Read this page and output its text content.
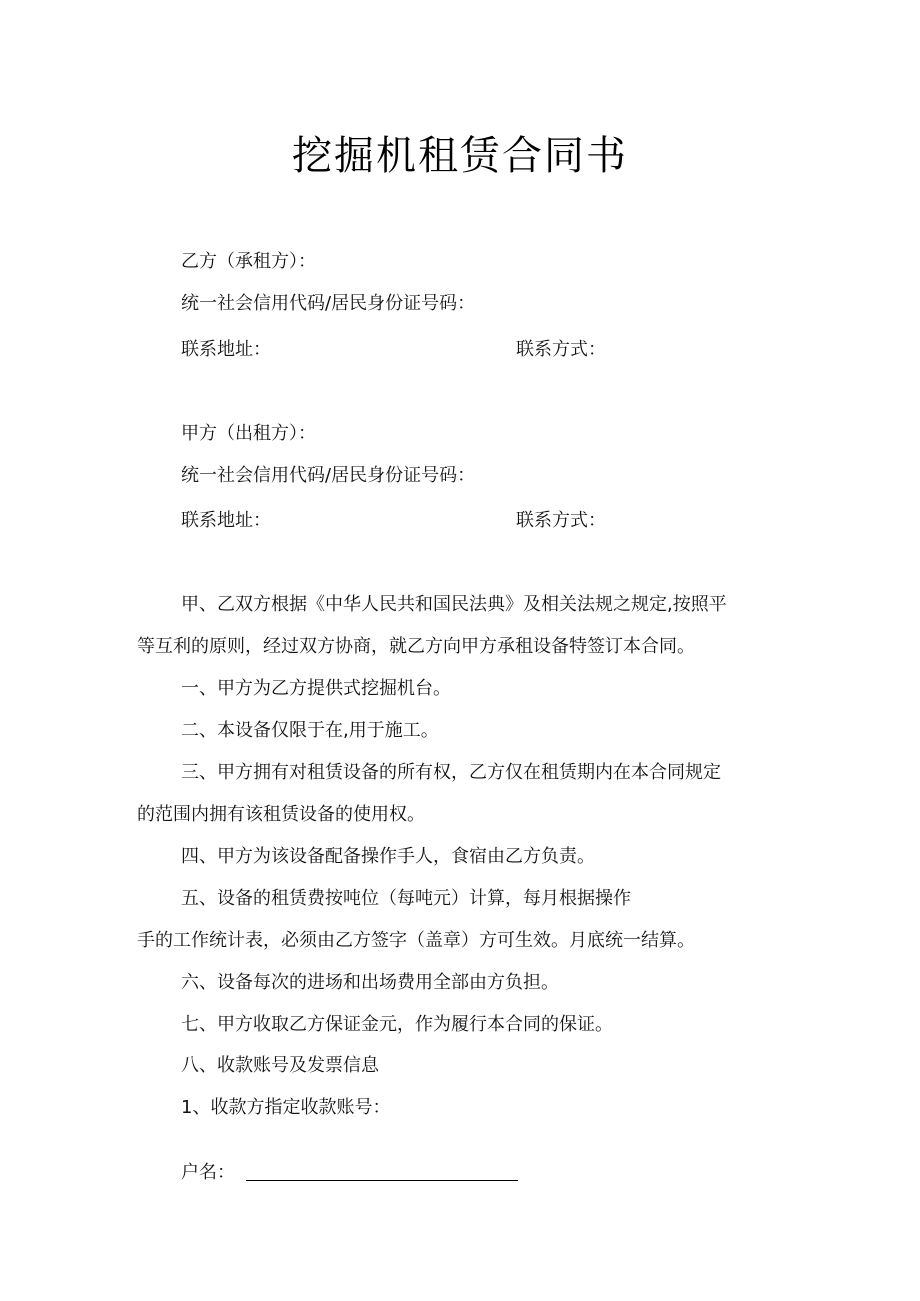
挖掘机租赁合同书
乙方（承租方）：
统一社会信用代码/居民身份证号码：
联系地址：	联系方式：
甲方（出租方）：
统一社会信用代码/居民身份证号码：
联系地址：	联系方式：
甲、乙双方根据《中华人民共和国民法典》及相关法规之规定,按照平
等互利的原则，经过双方协商，就乙方向甲方承租设备特签订本合同。
一、甲方为乙方提供式挖掘机台。
二、本设备仅限于在,用于施工。
三、甲方拥有对租赁设备的所有权，乙方仅在租赁期内在本合同规定
的范围内拥有该租赁设备的使用权。
四、甲方为该设备配备操作手人，食宿由乙方负责。
五、设备的租赁费按吨位（每吨元）计算，每月根据操作
手的工作统计表，必须由乙方签字（盖章）方可生效。月底统一结算。
六、设备每次的进场和出场费用全部由方负担。
七、甲方收取乙方保证金元，作为履行本合同的保证。
八、收款账号及发票信息
1、收款方指定收款账号：
户名：
